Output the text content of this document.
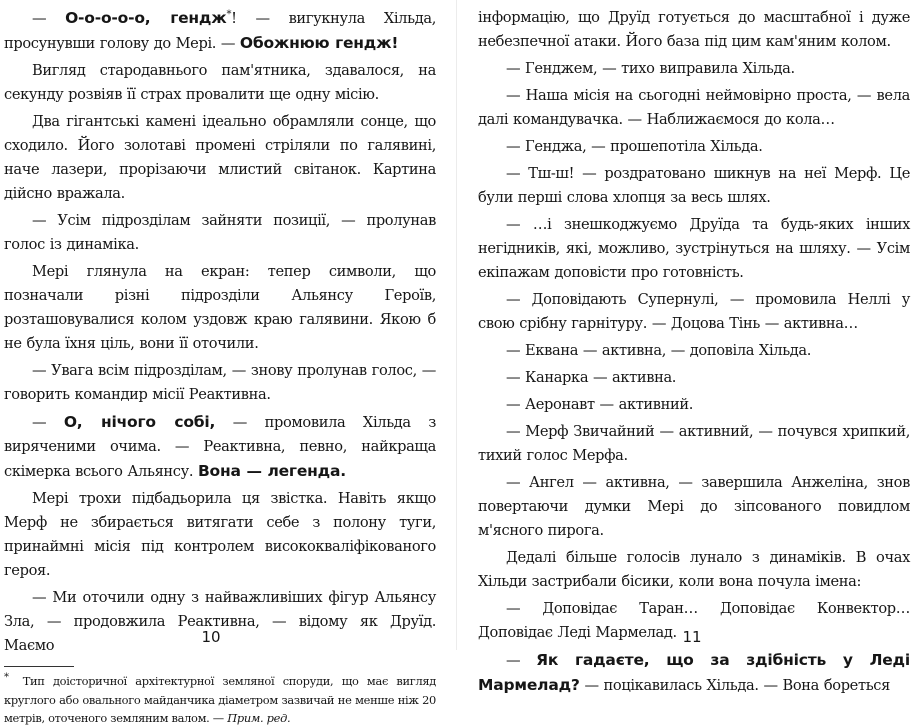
— О-о-о-о-о, гендж*! — вигукнула Хільда, просунувши голову до Мері. — Обожнюю гендж!

Вигляд стародавнього пам'ятника, здавалося, на секунду розвіяв її страх провалити ще одну місію.

Два гігантські камені ідеально обрамляли сонце, що сходило. Його золотаві промені стріляли по галявині, наче лазери, прорізаючи млистий світанок. Картина дійсно вражала.

— Усім підрозділам зайняти позиції, — пролунав голос із динаміка.

Мері глянула на екран: тепер символи, що позначали різні підрозділи Альянсу Героїв, розташовувалися колом уздовж краю галявини. Якою б не була їхня ціль, вони її оточили.

— Увага всім підрозділам, — знову пролунав голос, — говорить командир місії Реактивна.

— О, нічого собі, — промовила Хільда з вирячeними очима. — Реактивна, певно, найкраща скімерка всього Альянсу. Вона — легенда.

Мері трохи підбадьорила ця звістка. Навіть якщо Мерф не збирається витягати себе з полону туги, принаймні місія під контролем висококваліфікованого героя.

— Ми оточили одну з найважливіших фігур Альянсу Зла, — продовжила Реактивна, — відому як Друїд. Маємо

* Тип доісторичної архітектурної земляної споруди, що має вигляд круглого або овального майданчика діаметром зазвичай не менше ніж 20 метрів, оточеного земляним валом. — Прим. ред.

інформацію, що Друїд готується до масштабної і дуже небезпечної атаки. Його база під цим кам'яним колом.

— Генджем, — тихо виправила Хільда.

— Наша місія на сьогодні неймовірно проста, — вела далі командувачка. — Наближаємося до кола…

— Генджа, — прошепотіла Хільда.

— Тш-ш! — роздратовано шикнув на неї Мерф. Це були перші слова хлопця за весь шлях.

— …і знешкоджуємо Друїда та будь-яких інших негідників, які, можливо, зустрінуться на шляху. — Усім екіпажам доповісти про готовність.

— Доповідають Супернулі, — промовила Неллі у свою срібну гарнітуру. — Доцова Тінь — активна…

— Еквана — активна, — доповіла Хільда.

— Канарка — активна.

— Аеронавт — активний.

— Мерф Звичайний — активний, — почувся хрипкий, тихий голос Мерфа.

— Ангел — активна, — завершила Анжеліна, знов повертаючи думки Мері до зіпсованого повидлом м'ясного пирога.

Дедалі більше голосів лунало з динаміків. В очах Хільди застрибали бісики, коли вона почула імена:

— Доповідає Таран… Доповідає Конвектор… Доповідає Леді Мармелад.

— Як гадаєте, що за здібність у Леді Мармелад? — поцікавилась Хільда. — Вона бореться

10	11
